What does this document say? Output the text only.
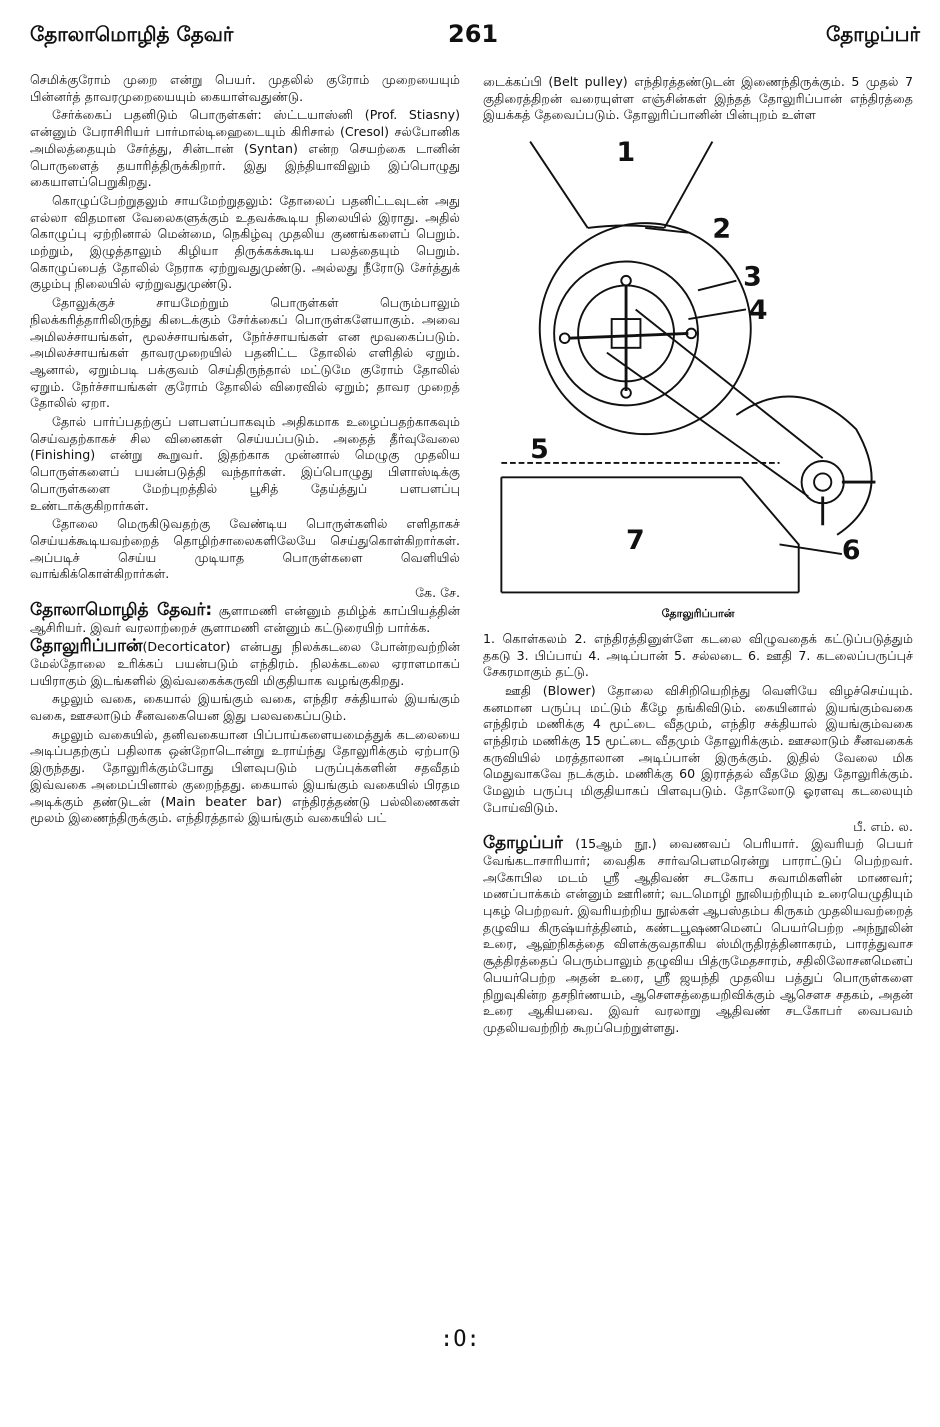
தோலாமொழித் தேவர்	261	தோழப்பர்

செமிக்குரோம் முறை என்று பெயர். முதலில் குரோம் முறையையும் பின்னர்த் தாவரமுறையையும் கையாள்வதுண்டு.

சேர்க்கைப் பதனிடும் பொருள்கள்: ஸ்ட்டயாஸ்னி (Prof. Stiasny) என்னும் பேராசிரியர் பார்மால்டிஹைடையும் கிரிசால் (Cresol) சல்போனிக அமிலத்தையும் சேர்த்து, சின்டான் (Syntan) என்ற செயற்கை டானின் பொருளைத் தயாரித்திருக்கிறார். இது இந்தியாவிலும் இப்பொழுது கையாளப்பெறுகிறது.

கொழுப்பேற்றுதலும் சாயமேற்றுதலும்: தோலைப் பதனிட்டவுடன் அது எல்லா விதமான வேலைகளுக்கும் உதவக்கூடிய நிலையில் இராது. அதில் கொழுப்பு ஏற்றினால் மென்மை, நெகிழ்வு முதலிய குணங்களைப் பெறும். மற்றும், இழுத்தாலும் கிழியா திருக்கக்கூடிய பலத்தையும் பெறும். கொழுப்பைத் தோலில் நேராக ஏற்றுவதுமுண்டு. அல்லது நீரோடு சேர்த்துக் குழம்பு நிலையில் ஏற்றுவதுமுண்டு.

தோலுக்குச் சாயமேற்றும் பொருள்கள் பெரும்பாலும் நிலக்கரித்தாரிலிருந்து கிடைக்கும் சேர்க்கைப் பொருள்களேயாகும். அவை அமிலச்சாயங்கள், மூலச்சாயங்கள், நேர்ச்சாயங்கள் என மூவகைப்படும். அமிலச்சாயங்கள் தாவரமுறையில் பதனிட்ட தோலில் எளிதில் ஏறும். ஆனால், ஏறும்படி பக்குவம் செய்திருந்தால் மட்டுமே குரோம் தோலில் ஏறும். நேர்ச்சாயங்கள் குரோம் தோலில் விரைவில் ஏறும்; தாவர முறைத் தோலில் ஏறா.

தோல் பார்ப்பதற்குப் பளபளப்பாகவும் அதிகமாக உழைப்பதற்காகவும் செய்வதற்காகச் சில வினைகள் செய்யப்படும். அதைத் தீர்வுவேலை (Finishing) என்று கூறுவர். இதற்காக முன்னால் மெழுகு முதலிய பொருள்களைப் பயன்படுத்தி வந்தார்கள். இப்பொழுது பிளாஸ்டிக்கு பொருள்களை மேற்புறத்தில் பூசித் தேய்த்துப் பளபளப்பு உண்டாக்குகிறார்கள்.

தோலை மெருகிடுவதற்கு வேண்டிய பொருள்களில் எளிதாகச் செய்யக்கூடியவற்றைத் தொழிற்சாலைகளிலேயே செய்துகொள்கிறார்கள். அப்படிச் செய்ய முடியாத பொருள்களை வெளியில் வாங்கிக்கொள்கிறார்கள்.

கே. சே.

தோலாமொழித் தேவர்: சூளாமணி என்னும் தமிழ்க் காப்பியத்தின் ஆசிரியர். இவர் வரலாற்றைச் சூளாமணி என்னும் கட்டுரையிற் பார்க்க.

தோலுரிப்பான்(Decorticator) என்பது நிலக்கடலை போன்றவற்றின் மேல்தோலை உரிக்கப் பயன்படும் எந்திரம். நிலக்கடலை ஏராளமாகப் பயிராகும் இடங்களில் இவ்வகைக்கருவி மிகுதியாக வழங்குகிறது.

சுழலும் வகை, கையால் இயங்கும் வகை, எந்திர சக்தியால் இயங்கும் வகை, ஊசலாடும் சீனவகையென இது பலவகைப்படும்.

சுழலும் வகையில், தனிவகையான பிப்பாய்களையமைத்துக் கடலையை அடிப்பதற்குப் பதிலாக ஒன்றோடொன்று உராய்ந்து தோலுரிக்கும் ஏற்பாடு இருந்தது. தோலுரிக்கும்போது பிளவுபடும் பருப்புக்களின் சதவீதம் இவ்வகை அமைப்பினால் குறைந்தது. கையால் இயங்கும் வகையில் பிரதம அடிக்கும் தண்டுடன் (Main beater bar) எந்திரத்தண்டு பல்லிணைகள் மூலம் இணைந்திருக்கும். எந்திரத்தால் இயங்கும் வகையில் பட்

டைக்கப்பி (Belt pulley) எந்திரத்தண்டுடன் இணைந்திருக்கும். 5 முதல் 7 குதிரைத்திறன் வரையுள்ள எஞ்சின்கள் இந்தத் தோலுரிப்பான் எந்திரத்தை இயக்கத் தேவைப்படும். தோலுரிப்பானின் பின்புறம் உள்ள

1
2
3
4
5
6
7
தோலுரிப்பான்

1. கொள்கலம் 2. எந்திரத்தினுள்ளே கடலை விழுவதைக் கட்டுப்படுத்தும் தகடு 3. பிப்பாய் 4. அடிப்பான் 5. சல்லடை 6. ஊதி 7. கடலைப்பருப்புச் சேகரமாகும் தட்டு.

ஊதி (Blower) தோலை விசிறியெறிந்து வெளியே விழச்செய்யும். கனமான பருப்பு மட்டும் கீழே தங்கிவிடும். கையினால் இயங்கும்வகை எந்திரம் மணிக்கு 4 மூட்டை வீதமும், எந்திர சக்தியால் இயங்கும்வகை எந்திரம் மணிக்கு 15 மூட்டை வீதமும் தோலுரிக்கும். ஊசலாடும் சீனவகைக் கருவியில் மரத்தாலான அடிப்பான் இருக்கும். இதில் வேலை மிக மெதுவாகவே நடக்கும். மணிக்கு 60 இராத்தல் வீதமே இது தோலுரிக்கும். மேலும் பருப்பு மிகுதியாகப் பிளவுபடும். தோலோடு ஓரளவு கடலையும் போய்விடும்.

பீ. எம். ல.

தோழப்பர் (15ஆம் நூ.) வைணவப் பெரியார். இவரியற் பெயர் வேங்கடாசாரியார்; வைதிக சார்வபௌமரென்று பாராட்டுப் பெற்றவர். அகோபில மடம் ஸ்ரீ ஆதிவண் சடகோப சுவாமிகளின் மாணவர்; மணப்பாக்கம் என்னும் ஊரினர்; வடமொழி நூலியற்றியும் உரையெழுதியும் புகழ் பெற்றவர். இவரியற்றிய நூல்கள் ஆபஸ்தம்ப கிருகம் முதலியவற்றைத் தழுவிய கிருஷ்யர்த்தினம், கண்டபூஷணமெனப் பெயர்பெற்ற அந்நூலின் உரை, ஆஹ்நிகத்தை விளக்குவதாகிய ஸ்மிருதிரத்தினாகரம், பாரத்துவாச சூத்திரத்தைப் பெரும்பாலும் தழுவிய பித்ருமேதசாரம், சதிலிலோசனமெனப் பெயர்பெற்ற அதன் உரை, ஸ்ரீ ஜயந்தி முதலிய பத்துப் பொருள்களை நிறுவுகின்ற தசநிர்ணயம், ஆசௌசத்தையறிவிக்கும் ஆசௌச சதகம், அதன் உரை ஆகியவை. இவர் வரலாறு ஆதிவண் சடகோபர் வைபவம் முதலியவற்றிற் கூறப்பெற்றுள்ளது.

:O:
